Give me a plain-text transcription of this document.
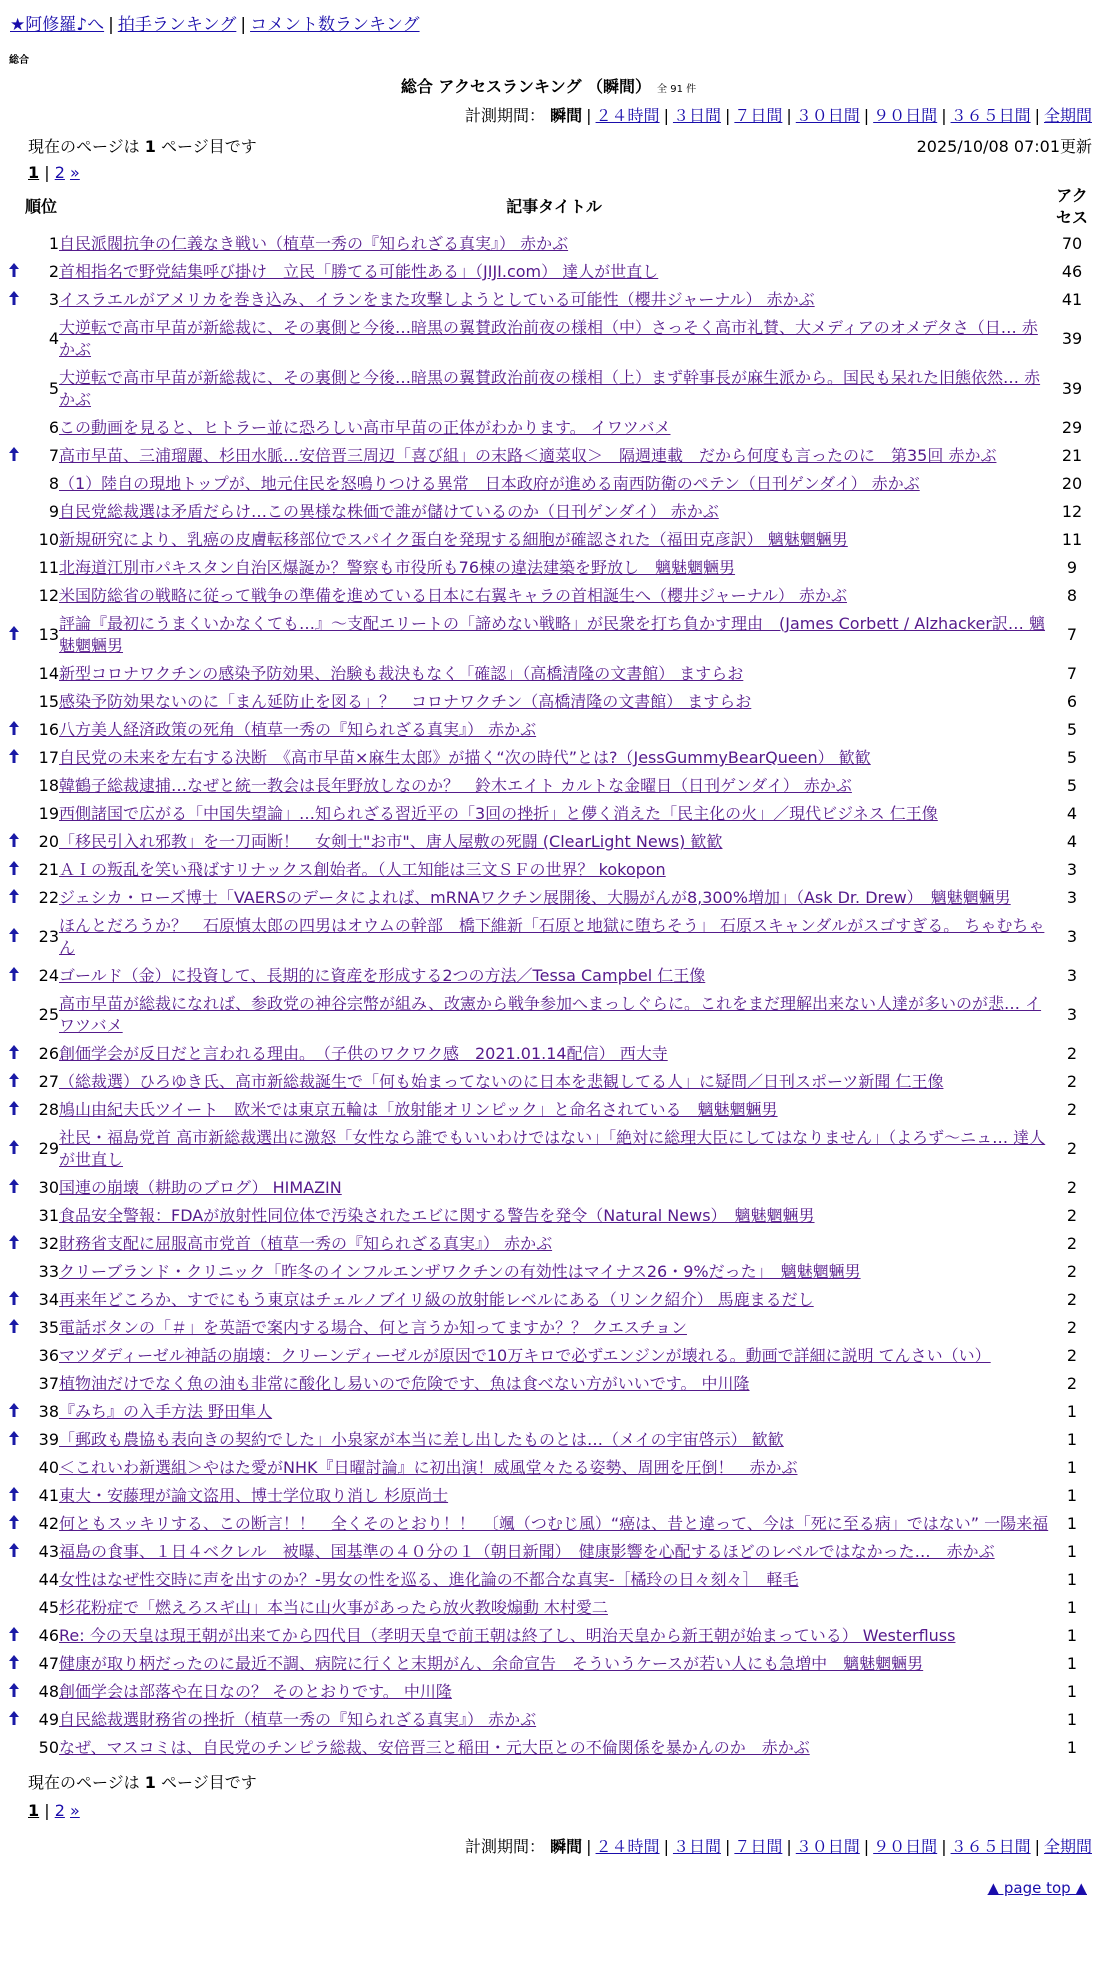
★阿修羅♪へ | 拍手ランキング | コメント数ランキング
総合
総合 アクセスランキング （瞬間） 全 91 件
計測期間： 瞬間 | ２４時間 | ３日間 | ７日間 | ３０日間 | ９０日間 | ３６５日間 | 全期間
現在のページは 1 ページ目です	2025/10/08 07:01更新
1 | 2 »
	順位	記事タイトル	アクセス
	1	自民派閥抗争の仁義なき戦い（植草一秀の『知られざる真実』） 赤かぶ	70
	2	首相指名で野党結集呼び掛け　立民「勝てる可能性ある」（JIJI.com） 達人が世直し	46
	3	イスラエルがアメリカを巻き込み、イランをまた攻撃しようとしている可能性（櫻井ジャーナル） 赤かぶ	41
	4	大逆転で高市早苗が新総裁に、その裏側と今後…暗黒の翼賛政治前夜の様相（中）さっそく高市礼賛、大メディアのオメデタさ（日… 赤かぶ	39
	5	大逆転で高市早苗が新総裁に、その裏側と今後…暗黒の翼賛政治前夜の様相（上）まず幹事長が麻生派から。国民も呆れた旧態依然… 赤かぶ	39
	6	この動画を見ると、ヒトラー並に恐ろしい高市早苗の正体がわかります。 イワツバメ	29
	7	高市早苗、三浦瑠麗、杉田水脈…安倍晋三周辺「喜び組」の末路＜適菜収＞　隔週連載　だから何度も言ったのに　第35回 赤かぶ	21
	8	（1）陸自の現地トップが、地元住民を怒鳴りつける異常　日本政府が進める南西防衛のペテン（日刊ゲンダイ） 赤かぶ	20
	9	自民党総裁選は矛盾だらけ…この異様な株価で誰が儲けているのか（日刊ゲンダイ） 赤かぶ	12
	10	新規研究により、乳癌の皮膚転移部位でスパイク蛋白を発現する細胞が確認された（福田克彦訳） 魑魅魍魎男	11
	11	北海道江別市パキスタン自治区爆誕か？警察も市役所も76棟の違法建築を野放し　魑魅魍魎男	9
	12	米国防総省の戦略に従って戦争の準備を進めている日本に右翼キャラの首相誕生へ（櫻井ジャーナル） 赤かぶ	8
	13	評論『最初にうまくいかなくても…』～支配エリートの「諦めない戦略」が民衆を打ち負かす理由　(James Corbett / Alzhacker訳… 魑魅魍魎男	7
	14	新型コロナワクチンの感染予防効果、治験も裁決もなく「確認」（高橋清隆の文書館） ますらお	7
	15	感染予防効果ないのに「まん延防止を図る」？　コロナワクチン（高橋清隆の文書館） ますらお	6
	16	八方美人経済政策の死角（植草一秀の『知られざる真実』） 赤かぶ	5
	17	自民党の未来を左右する決断　《高市早苗×麻生太郎》が描く“次の時代”とは?（JessGummyBearQueen） 歓歓	5
	18	韓鶴子総裁逮捕…なぜと統一教会は長年野放しなのか？　鈴木エイト カルトな金曜日（日刊ゲンダイ） 赤かぶ	5
	19	西側諸国で広がる「中国失望論」…知られざる習近平の「3回の挫折」と儚く消えた「民主化の火」／現代ビジネス 仁王像	4
	20	「移民引入れ邪教」を一刀両断！　女剣士"お市"、唐人屋敷の死闘 (ClearLight News) 歓歓	4
	21	ＡＩの叛乱を笑い飛ばすリナックス創始者。（人工知能は三文ＳＦの世界？ kokopon	3
	22	ジェシカ・ローズ博士「VAERSのデータによれば、mRNAワクチン展開後、大腸がんが8,300%増加」（Ask Dr. Drew）　魑魅魍魎男	3
	23	ほんとだろうか？　石原慎太郎の四男はオウムの幹部　橋下維新「石原と地獄に堕ちそう」 石原スキャンダルがスゴすぎる。 ちゃむちゃん	3
	24	ゴールド（金）に投資して、長期的に資産を形成する2つの方法／Tessa Campbel 仁王像	3
	25	高市早苗が総裁になれば、参政党の神谷宗幣が組み、改憲から戦争参加へまっしぐらに。これをまだ理解出来ない人達が多いのが悲… イワツバメ	3
	26	創価学会が反日だと言われる理由。　（子供のワクワク感　2021.01.14配信） 西大寺	2
	27	（総裁選）ひろゆき氏、高市新総裁誕生で「何も始まってないのに日本を悲観してる人」に疑問／日刊スポーツ新聞 仁王像	2
	28	鳩山由紀夫氏ツイート　欧米では東京五輪は「放射能オリンピック」と命名されている　魑魅魍魎男	2
	29	社民・福島党首 高市新総裁選出に激怒「女性なら誰でもいいわけではない」「絶対に総理大臣にしてはなりません」（よろず〜ニュ… 達人が世直し	2
	30	国連の崩壊（耕助のブログ） HIMAZIN	2
	31	食品安全警報：FDAが放射性同位体で汚染されたエビに関する警告を発令（Natural News）　魑魅魍魎男	2
	32	財務省支配に屈服高市党首（植草一秀の『知られざる真実』） 赤かぶ	2
	33	クリーブランド・クリニック「昨冬のインフルエンザワクチンの有効性はマイナス26・9%だった」　魑魅魍魎男	2
	34	再来年どころか、すでにもう東京はチェルノブイリ級の放射能レベルにある（リンク紹介） 馬鹿まるだし	2
	35	電話ボタンの「＃」を英語で案内する場合、何と言うか知ってますか？？ クエスチョン	2
	36	マツダディーゼル神話の崩壊：クリーンディーゼルが原因で10万キロで必ずエンジンが壊れる。動画で詳細に説明 てんさい（い）	2
	37	植物油だけでなく魚の油も非常に酸化し易いので危険です、魚は食べない方がいいです。 中川隆	2
	38	『みち』の入手方法 野田隼人	1
	39	「郵政も農協も表向きの契約でした」小泉家が本当に差し出したものとは…（メイの宇宙啓示） 歓歓	1
	40	＜これいわ新選組＞やはた愛がNHK『日曜討論』に初出演！威風堂々たる姿勢、周囲を圧倒！　赤かぶ	1
	41	東大・安藤理が論文盗用、博士学位取り消し 杉原尚士	1
	42	何ともスッキリする、この断言！！　全くそのとおり！！　〔颯（つむじ風）“癌は、昔と違って、今は「死に至る病」ではない” 一陽来福	1
	43	福島の食事、１日４ベクレル　被曝、国基準の４０分の１（朝日新聞）　健康影響を心配するほどのレベルではなかった…　赤かぶ	1
	44	女性はなぜ性交時に声を出すのか？-男女の性を巡る、進化論の不都合な真実-［橘玲の日々刻々］　軽毛	1
	45	杉花粉症で「燃えろスギ山」本当に山火事があったら放火教唆煽動 木村愛二	1
	46	Re: 今の天皇は現王朝が出来てから四代目（孝明天皇で前王朝は終了し、明治天皇から新王朝が始まっている） Westerfluss	1
	47	健康が取り柄だったのに最近不調、病院に行くと末期がん、余命宣告　そういうケースが若い人にも急増中　魑魅魍魎男	1
	48	創価学会は部落や在日なの？ そのとおりです。 中川隆	1
	49	自民総裁選財務省の挫折（植草一秀の『知られざる真実』） 赤かぶ	1
	50	なぜ、マスコミは、自民党のチンピラ総裁、安倍晋三と稲田・元大臣との不倫関係を暴かんのか　赤かぶ	1
現在のページは 1 ページ目です
1 | 2 »
計測期間： 瞬間 | ２４時間 | ３日間 | ７日間 | ３０日間 | ９０日間 | ３６５日間 | 全期間
▲ page top ▲
